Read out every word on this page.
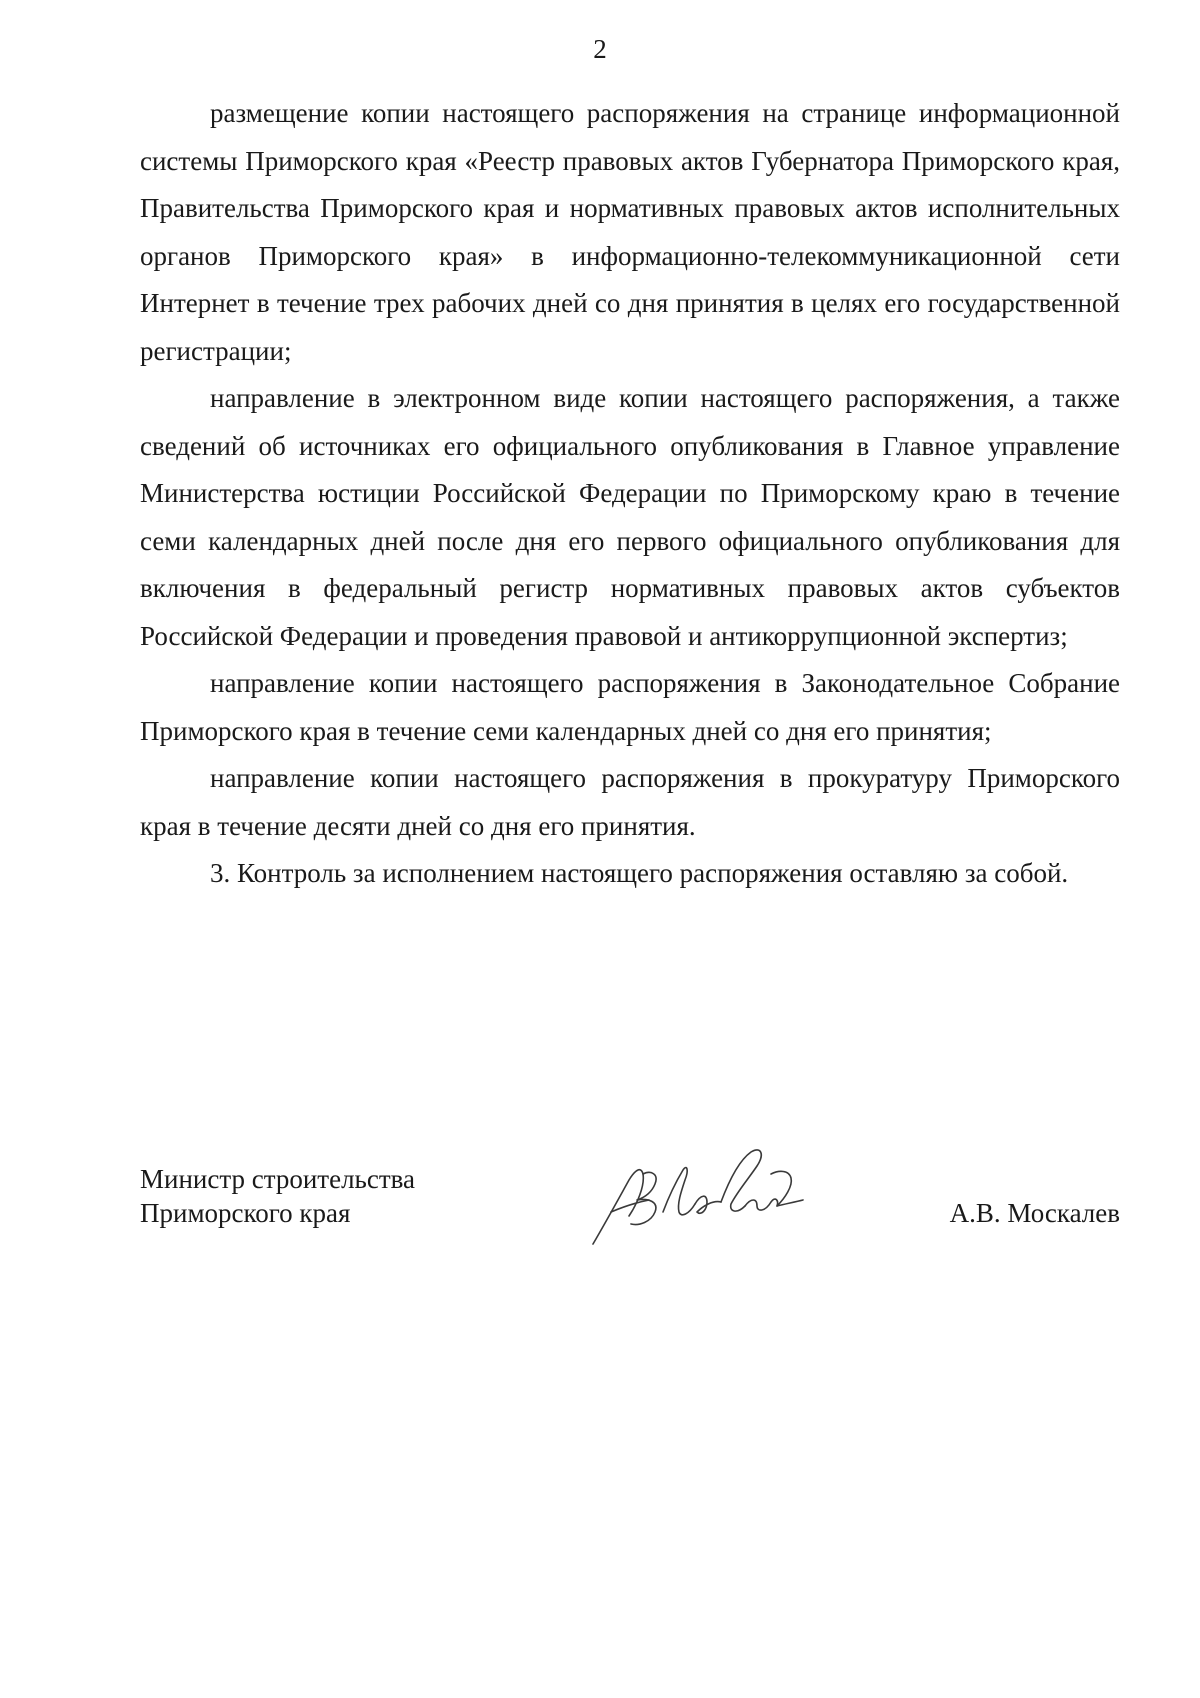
2

размещение копии настоящего распоряжения на странице информационной системы Приморского края «Реестр правовых актов Губернатора Приморского края, Правительства Приморского края и нормативных правовых актов исполнительных органов Приморского края» в информационно-телекоммуникационной сети Интернет в течение трех рабочих дней со дня принятия в целях его государственной регистрации;

направление в электронном виде копии настоящего распоряжения, а также сведений об источниках его официального опубликования в Главное управление Министерства юстиции Российской Федерации по Приморскому краю в течение семи календарных дней после дня его первого официального опубликования для включения в федеральный регистр нормативных правовых актов субъектов Российской Федерации и проведения правовой и антикоррупционной экспертиз;

направление копии настоящего распоряжения в Законодательное Собрание Приморского края в течение семи календарных дней со дня его принятия;

направление копии настоящего распоряжения в прокуратуру Приморского края в течение десяти дней со дня его принятия.

3. Контроль за исполнением настоящего распоряжения оставляю за собой.

Министр строительства
Приморского края	А.В. Москалев
